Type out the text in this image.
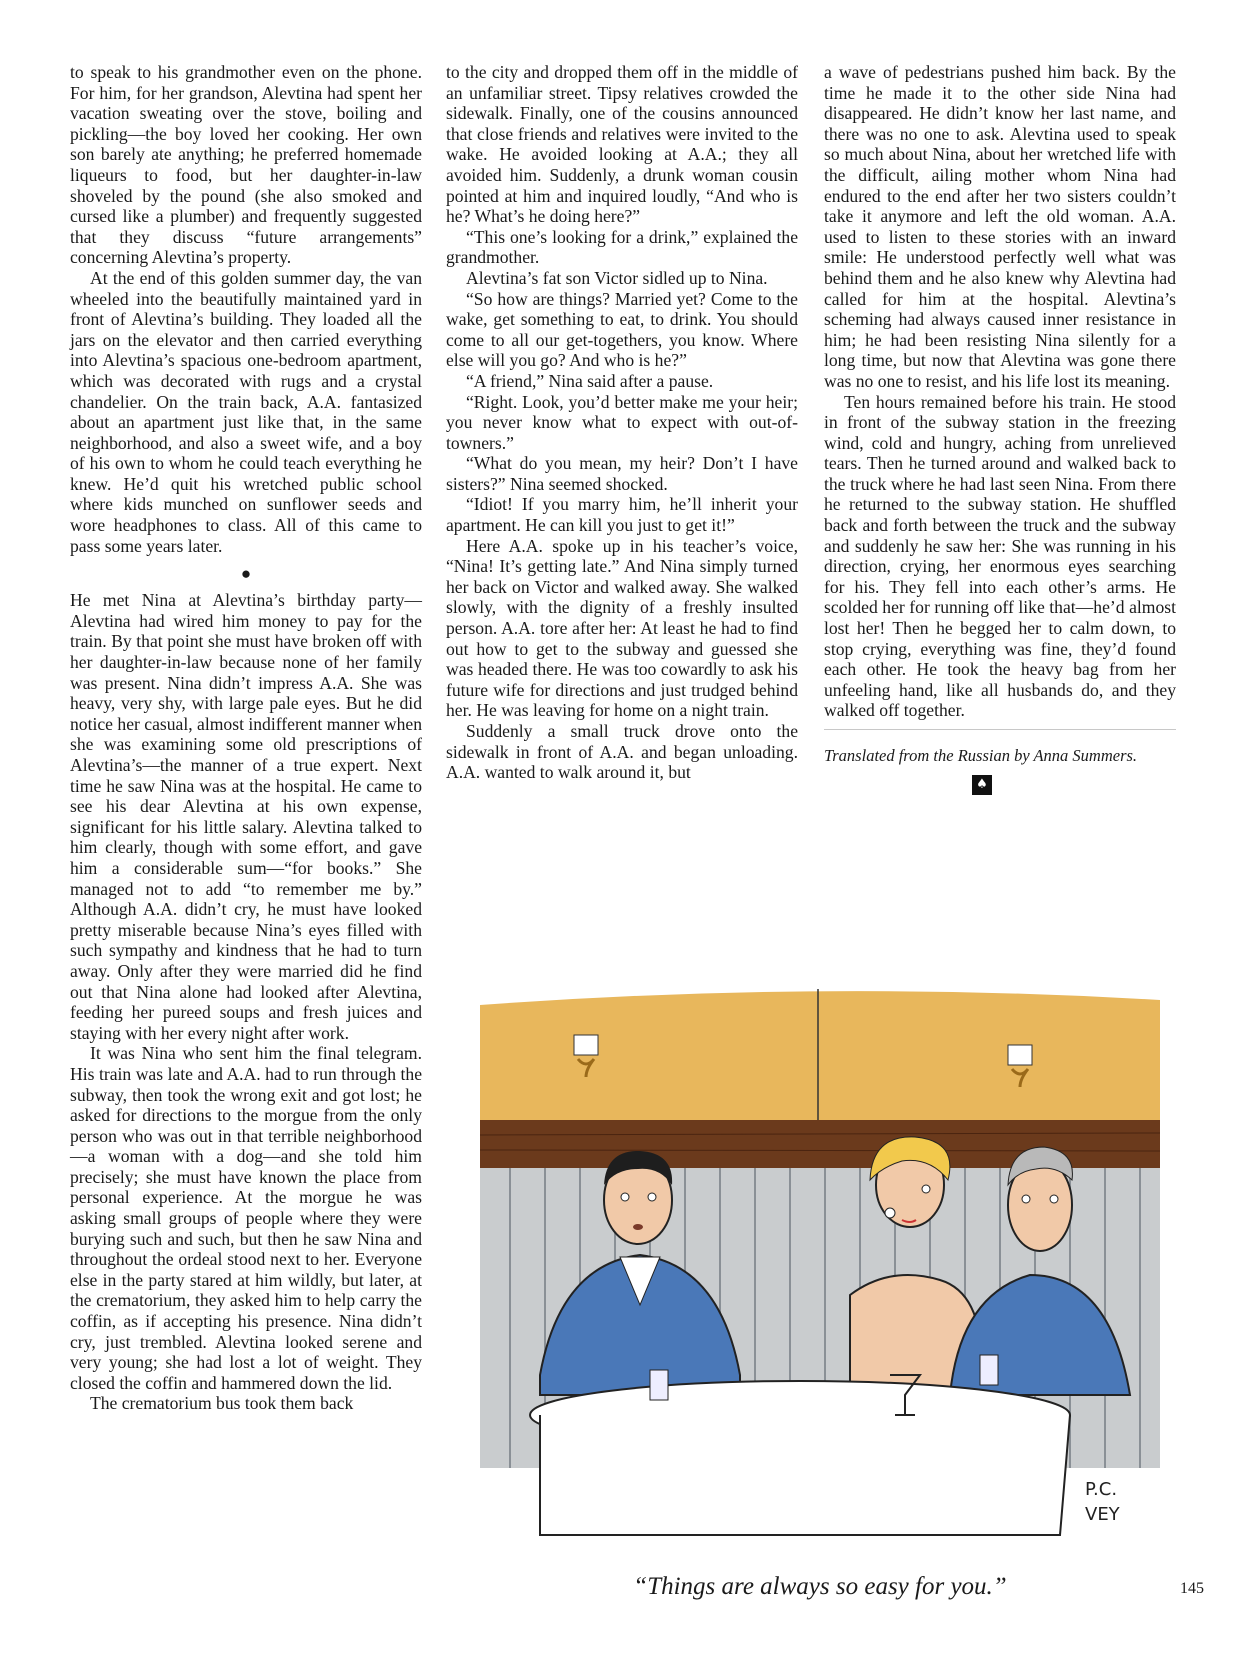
to speak to his grandmother even on the phone. For him, for her grandson, Alevtina had spent her vacation sweating over the stove, boiling and pickling—the boy loved her cooking. Her own son barely ate anything; he preferred homemade liqueurs to food, but her daughter-in-law shoveled by the pound (she also smoked and cursed like a plumber) and frequently suggested that they discuss “future arrangements” concerning Alevtina’s property.

At the end of this golden summer day, the van wheeled into the beautifully maintained yard in front of Alevtina’s building. They loaded all the jars on the elevator and then carried everything into Alevtina’s spacious one-bedroom apartment, which was decorated with rugs and a crystal chandelier. On the train back, A.A. fantasized about an apartment just like that, in the same neighborhood, and also a sweet wife, and a boy of his own to whom he could teach everything he knew. He’d quit his wretched public school where kids munched on sunflower seeds and wore headphones to class. All of this came to pass some years later.

●

He met Nina at Alevtina’s birthday party—Alevtina had wired him money to pay for the train. By that point she must have broken off with her daughter-in-law because none of her family was present. Nina didn’t impress A.A. She was heavy, very shy, with large pale eyes. But he did notice her casual, almost indifferent manner when she was examining some old prescriptions of Alevtina’s—the manner of a true expert. Next time he saw Nina was at the hospital. He came to see his dear Alevtina at his own expense, significant for his little salary. Alevtina talked to him clearly, though with some effort, and gave him a considerable sum—“for books.” She managed not to add “to remember me by.” Although A.A. didn’t cry, he must have looked pretty miserable because Nina’s eyes filled with such sympathy and kindness that he had to turn away. Only after they were married did he find out that Nina alone had looked after Alevtina, feeding her pureed soups and fresh juices and staying with her every night after work.

It was Nina who sent him the final telegram. His train was late and A.A. had to run through the subway, then took the wrong exit and got lost; he asked for directions to the morgue from the only person who was out in that terrible neighborhood—a woman with a dog—and she told him precisely; she must have known the place from personal experience. At the morgue he was asking small groups of people where they were burying such and such, but then he saw Nina and throughout the ordeal stood next to her. Everyone else in the party stared at him wildly, but later, at the crematorium, they asked him to help carry the coffin, as if accepting his presence. Nina didn’t cry, just trembled. Alevtina looked serene and very young; she had lost a lot of weight. They closed the coffin and hammered down the lid.

The crematorium bus took them back

to the city and dropped them off in the middle of an unfamiliar street. Tipsy relatives crowded the sidewalk. Finally, one of the cousins announced that close friends and relatives were invited to the wake. He avoided looking at A.A.; they all avoided him. Suddenly, a drunk woman cousin pointed at him and inquired loudly, “And who is he? What’s he doing here?”

“This one’s looking for a drink,” explained the grandmother.

Alevtina’s fat son Victor sidled up to Nina.

“So how are things? Married yet? Come to the wake, get something to eat, to drink. You should come to all our get-togethers, you know. Where else will you go? And who is he?”

“A friend,” Nina said after a pause.

“Right. Look, you’d better make me your heir; you never know what to expect with out-of-towners.”

“What do you mean, my heir? Don’t I have sisters?” Nina seemed shocked.

“Idiot! If you marry him, he’ll inherit your apartment. He can kill you just to get it!”

Here A.A. spoke up in his teacher’s voice, “Nina! It’s getting late.” And Nina simply turned her back on Victor and walked away. She walked slowly, with the dignity of a freshly insulted person. A.A. tore after her: At least he had to find out how to get to the subway and guessed she was headed there. He was too cowardly to ask his future wife for directions and just trudged behind her. He was leaving for home on a night train.

Suddenly a small truck drove onto the sidewalk in front of A.A. and began unloading. A.A. wanted to walk around it, but

a wave of pedestrians pushed him back. By the time he made it to the other side Nina had disappeared. He didn’t know her last name, and there was no one to ask. Alevtina used to speak so much about Nina, about her wretched life with the difficult, ailing mother whom Nina had endured to the end after her two sisters couldn’t take it anymore and left the old woman. A.A. used to listen to these stories with an inward smile: He understood perfectly well what was behind them and he also knew why Alevtina had called for him at the hospital. Alevtina’s scheming had always caused inner resistance in him; he had been resisting Nina silently for a long time, but now that Alevtina was gone there was no one to resist, and his life lost its meaning.

Ten hours remained before his train. He stood in front of the subway station in the freezing wind, cold and hungry, aching from unrelieved tears. Then he turned around and walked back to the truck where he had last seen Nina. From there he returned to the subway station. He shuffled back and forth between the truck and the subway and suddenly he saw her: She was running in his direction, crying, her enormous eyes searching for his. They fell into each other’s arms. He scolded her for running off like that—he’d almost lost her! Then he begged her to calm down, to stop crying, everything was fine, they’d found each other. He took the heavy bag from her unfeeling hand, like all husbands do, and they walked off together.

Translated from the Russian by Anna Summers.

♠
P.C.
VEY
“Things are always so easy for you.”	145
